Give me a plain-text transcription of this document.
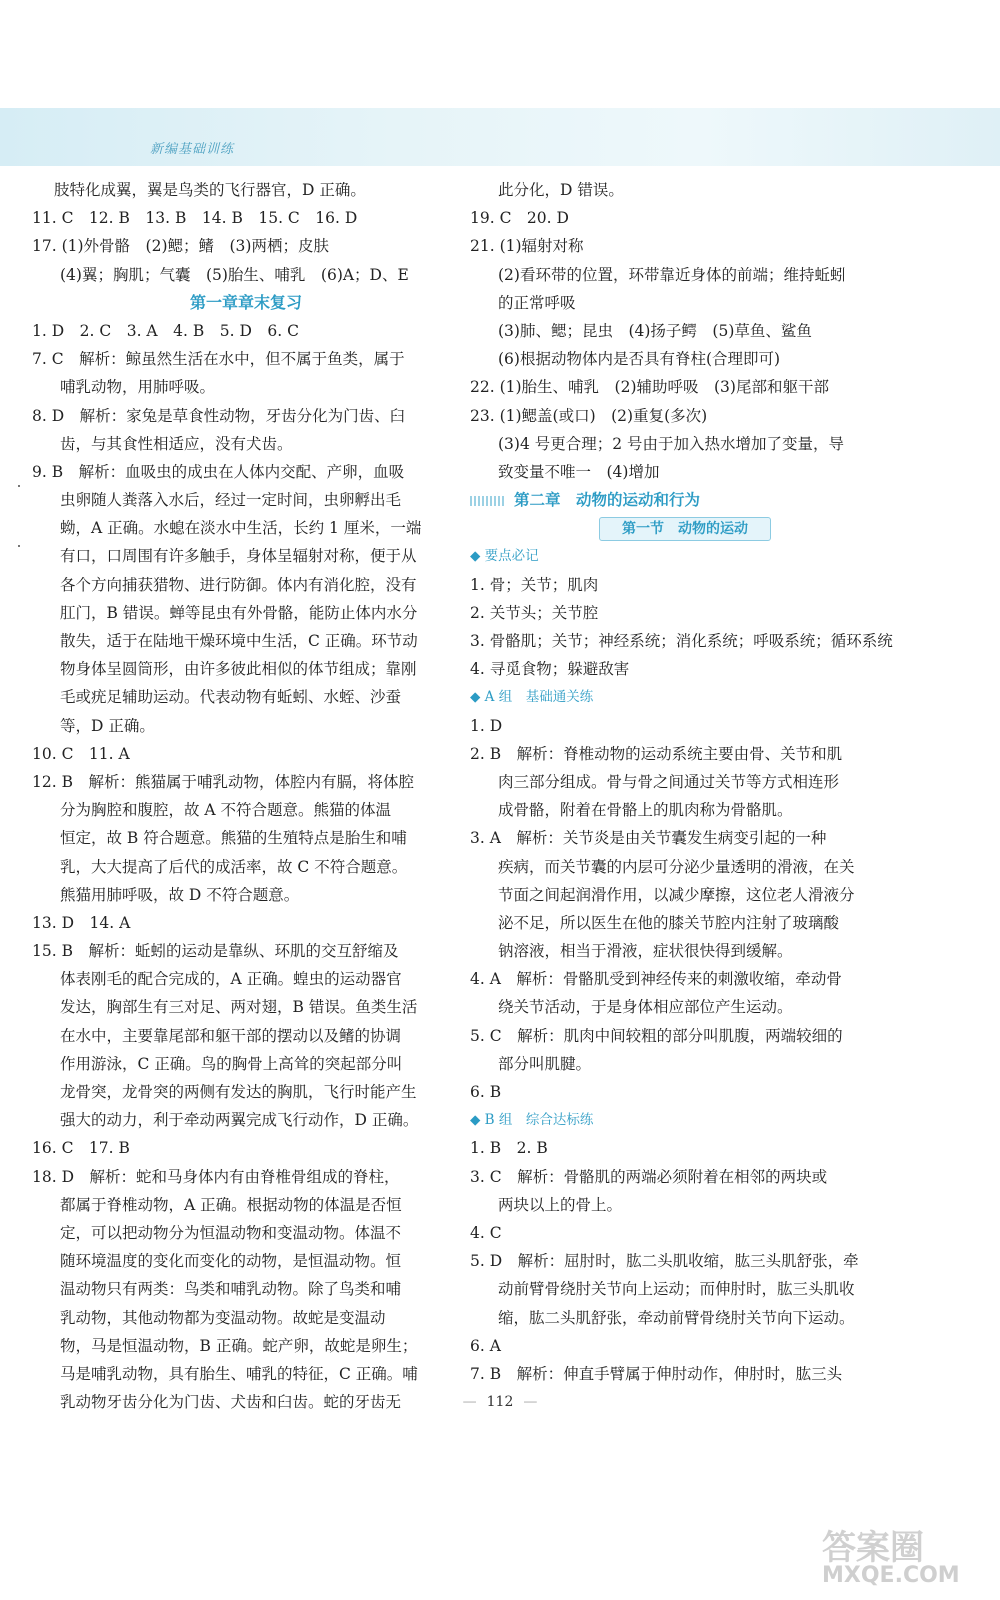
新编基础训练
肢特化成翼，翼是鸟类的飞行器官，D 正确。
11. C　12. B　13. B　14. B　15. C　16. D
17. (1)外骨骼　(2)鳃；鳍　(3)两栖；皮肤
(4)翼；胸肌；气囊　(5)胎生、哺乳　(6)A；D、E
第一章章末复习
1. D　2. C　3. A　4. B　5. D　6. C
7. C　解析：鲸虽然生活在水中，但不属于鱼类，属于
哺乳动物，用肺呼吸。
8. D　解析：家兔是草食性动物，牙齿分化为门齿、臼
齿，与其食性相适应，没有犬齿。
9. B　解析：血吸虫的成虫在人体内交配、产卵，血吸
虫卵随人粪落入水后，经过一定时间，虫卵孵出毛
蚴，A 正确。水螅在淡水中生活，长约 1 厘米，一端
有口，口周围有许多触手，身体呈辐射对称，便于从
各个方向捕获猎物、进行防御。体内有消化腔，没有
肛门，B 错误。蝉等昆虫有外骨骼，能防止体内水分
散失，适于在陆地干燥环境中生活，C 正确。环节动
物身体呈圆筒形，由许多彼此相似的体节组成；靠刚
毛或疣足辅助运动。代表动物有蚯蚓、水蛭、沙蚕
等，D 正确。
10. C　11. A
12. B　解析：熊猫属于哺乳动物，体腔内有膈，将体腔
分为胸腔和腹腔，故 A 不符合题意。熊猫的体温
恒定，故 B 符合题意。熊猫的生殖特点是胎生和哺
乳，大大提高了后代的成活率，故 C 不符合题意。
熊猫用肺呼吸，故 D 不符合题意。
13. D　14. A
15. B　解析：蚯蚓的运动是靠纵、环肌的交互舒缩及
体表刚毛的配合完成的，A 正确。蝗虫的运动器官
发达，胸部生有三对足、两对翅，B 错误。鱼类生活
在水中，主要靠尾部和躯干部的摆动以及鳍的协调
作用游泳，C 正确。鸟的胸骨上高耸的突起部分叫
龙骨突，龙骨突的两侧有发达的胸肌，飞行时能产生
强大的动力，利于牵动两翼完成飞行动作，D 正确。
16. C　17. B
18. D　解析：蛇和马身体内有由脊椎骨组成的脊柱，
都属于脊椎动物，A 正确。根据动物的体温是否恒
定，可以把动物分为恒温动物和变温动物。体温不
随环境温度的变化而变化的动物，是恒温动物。恒
温动物只有两类：鸟类和哺乳动物。除了鸟类和哺
乳动物，其他动物都为变温动物。故蛇是变温动
物，马是恒温动物，B 正确。蛇产卵，故蛇是卵生；
马是哺乳动物，具有胎生、哺乳的特征，C 正确。哺
乳动物牙齿分化为门齿、犬齿和臼齿。蛇的牙齿无
此分化，D 错误。
19. C　20. D
21. (1)辐射对称
(2)看环带的位置，环带靠近身体的前端；维持蚯蚓
的正常呼吸
(3)肺、鳃；昆虫　(4)扬子鳄　(5)草鱼、鲨鱼
(6)根据动物体内是否具有脊柱(合理即可)
22. (1)胎生、哺乳　(2)辅助呼吸　(3)尾部和躯干部
23. (1)鳃盖(或口)　(2)重复(多次)
(3)4 号更合理；2 号由于加入热水增加了变量，导
致变量不唯一　(4)增加
第二章　动物的运动和行为
第一节　动物的运动
◆ 要点必记
1. 骨；关节；肌肉
2. 关节头；关节腔
3. 骨骼肌；关节；神经系统；消化系统；呼吸系统；循环系统
4. 寻觅食物；躲避敌害
◆ A 组　基础通关练
1. D
2. B　解析：脊椎动物的运动系统主要由骨、关节和肌
肉三部分组成。骨与骨之间通过关节等方式相连形
成骨骼，附着在骨骼上的肌肉称为骨骼肌。
3. A　解析：关节炎是由关节囊发生病变引起的一种
疾病，而关节囊的内层可分泌少量透明的滑液，在关
节面之间起润滑作用，以减少摩擦，这位老人滑液分
泌不足，所以医生在他的膝关节腔内注射了玻璃酸
钠溶液，相当于滑液，症状很快得到缓解。
4. A　解析：骨骼肌受到神经传来的刺激收缩，牵动骨
绕关节活动，于是身体相应部位产生运动。
5. C　解析：肌肉中间较粗的部分叫肌腹，两端较细的
部分叫肌腱。
6. B
◆ B 组　综合达标练
1. B　2. B
3. C　解析：骨骼肌的两端必须附着在相邻的两块或
两块以上的骨上。
4. C
5. D　解析：屈肘时，肱二头肌收缩，肱三头肌舒张，牵
动前臂骨绕肘关节向上运动；而伸肘时，肱三头肌收
缩，肱二头肌舒张，牵动前臂骨绕肘关节向下运动。
6. A
7. B　解析：伸直手臂属于伸肘动作，伸肘时，肱三头
— 112 —
答案圈
MXQE.COM
